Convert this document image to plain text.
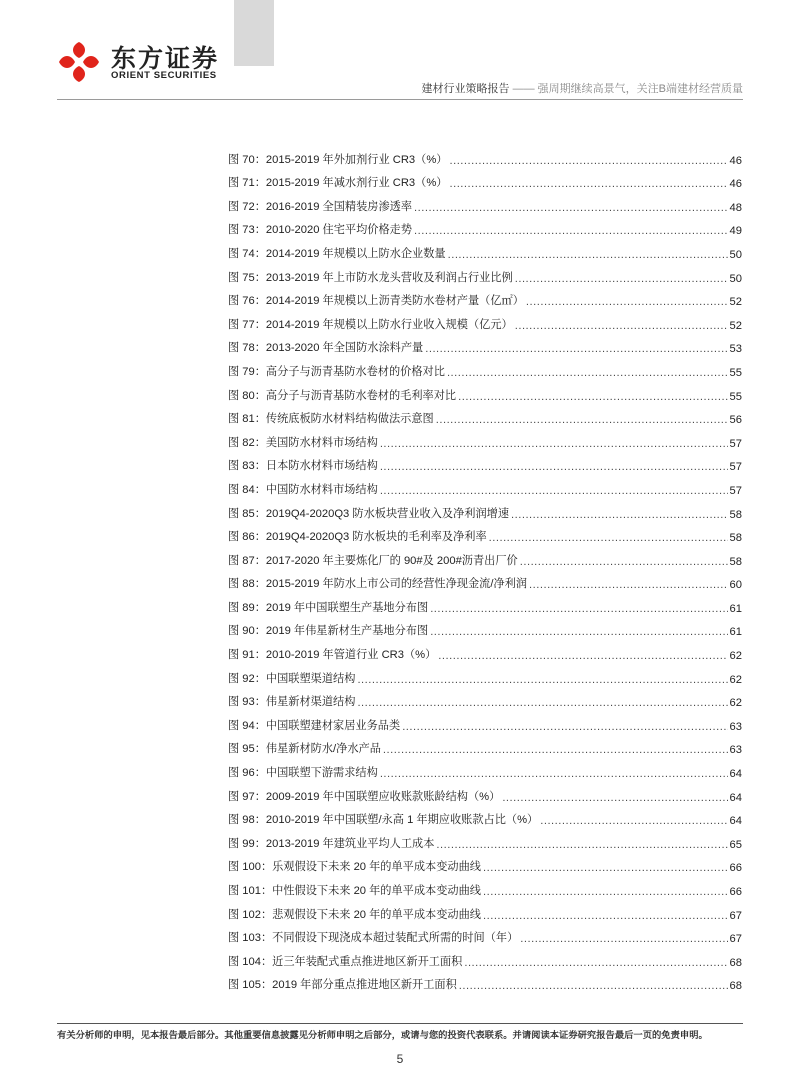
东方证券
ORIENT SECURITIES
建材行业策略报告 —— 强周期继续高景气，关注B端建材经营质量
图 70：2015-2019 年外加剂行业 CR3（%） .....	46
图 71：2015-2019 年减水剂行业 CR3（%） .....	46
图 72：2016-2019 全国精装房渗透率 .....	48
图 73：2010-2020 住宅平均价格走势 .....	49
图 74：2014-2019 年规模以上防水企业数量 .....	50
图 75：2013-2019 年上市防水龙头营收及利润占行业比例 .....	50
图 76：2014-2019 年规模以上沥青类防水卷材产量（亿㎡） .....	52
图 77：2014-2019 年规模以上防水行业收入规模（亿元） .....	52
图 78：2013-2020 年全国防水涂料产量 .....	53
图 79：高分子与沥青基防水卷材的价格对比 .....	55
图 80：高分子与沥青基防水卷材的毛利率对比 .....	55
图 81：传统底板防水材料结构做法示意图 .....	56
图 82：美国防水材料市场结构 .....	57
图 83：日本防水材料市场结构 .....	57
图 84：中国防水材料市场结构 .....	57
图 85：2019Q4-2020Q3 防水板块营业收入及净利润增速 .....	58
图 86：2019Q4-2020Q3 防水板块的毛利率及净利率 .....	58
图 87：2017-2020 年主要炼化厂的 90#及 200#沥青出厂价 .....	58
图 88：2015-2019 年防水上市公司的经营性净现金流/净利润 .....	60
图 89：2019 年中国联塑生产基地分布图 .....	61
图 90：2019 年伟星新材生产基地分布图 .....	61
图 91：2010-2019 年管道行业 CR3（%） .....	62
图 92：中国联塑渠道结构 .....	62
图 93：伟星新材渠道结构 .....	62
图 94：中国联塑建材家居业务品类 .....	63
图 95：伟星新材防水/净水产品 .....	63
图 96：中国联塑下游需求结构 .....	64
图 97：2009-2019 年中国联塑应收账款账龄结构（%） .....	64
图 98：2010-2019 年中国联塑/永高 1 年期应收账款占比（%） .....	64
图 99：2013-2019 年建筑业平均人工成本 .....	65
图 100：乐观假设下未来 20 年的单平成本变动曲线 .....	66
图 101：中性假设下未来 20 年的单平成本变动曲线 .....	66
图 102：悲观假设下未来 20 年的单平成本变动曲线 .....	67
图 103：不同假设下现浇成本超过装配式所需的时间（年） .....	67
图 104：近三年装配式重点推进地区新开工面积 .....	68
图 105：2019 年部分重点推进地区新开工面积 .....	68
有关分析师的申明，见本报告最后部分。其他重要信息披露见分析师申明之后部分，或请与您的投资代表联系。并请阅读本证券研究报告最后一页的免责申明。
5
